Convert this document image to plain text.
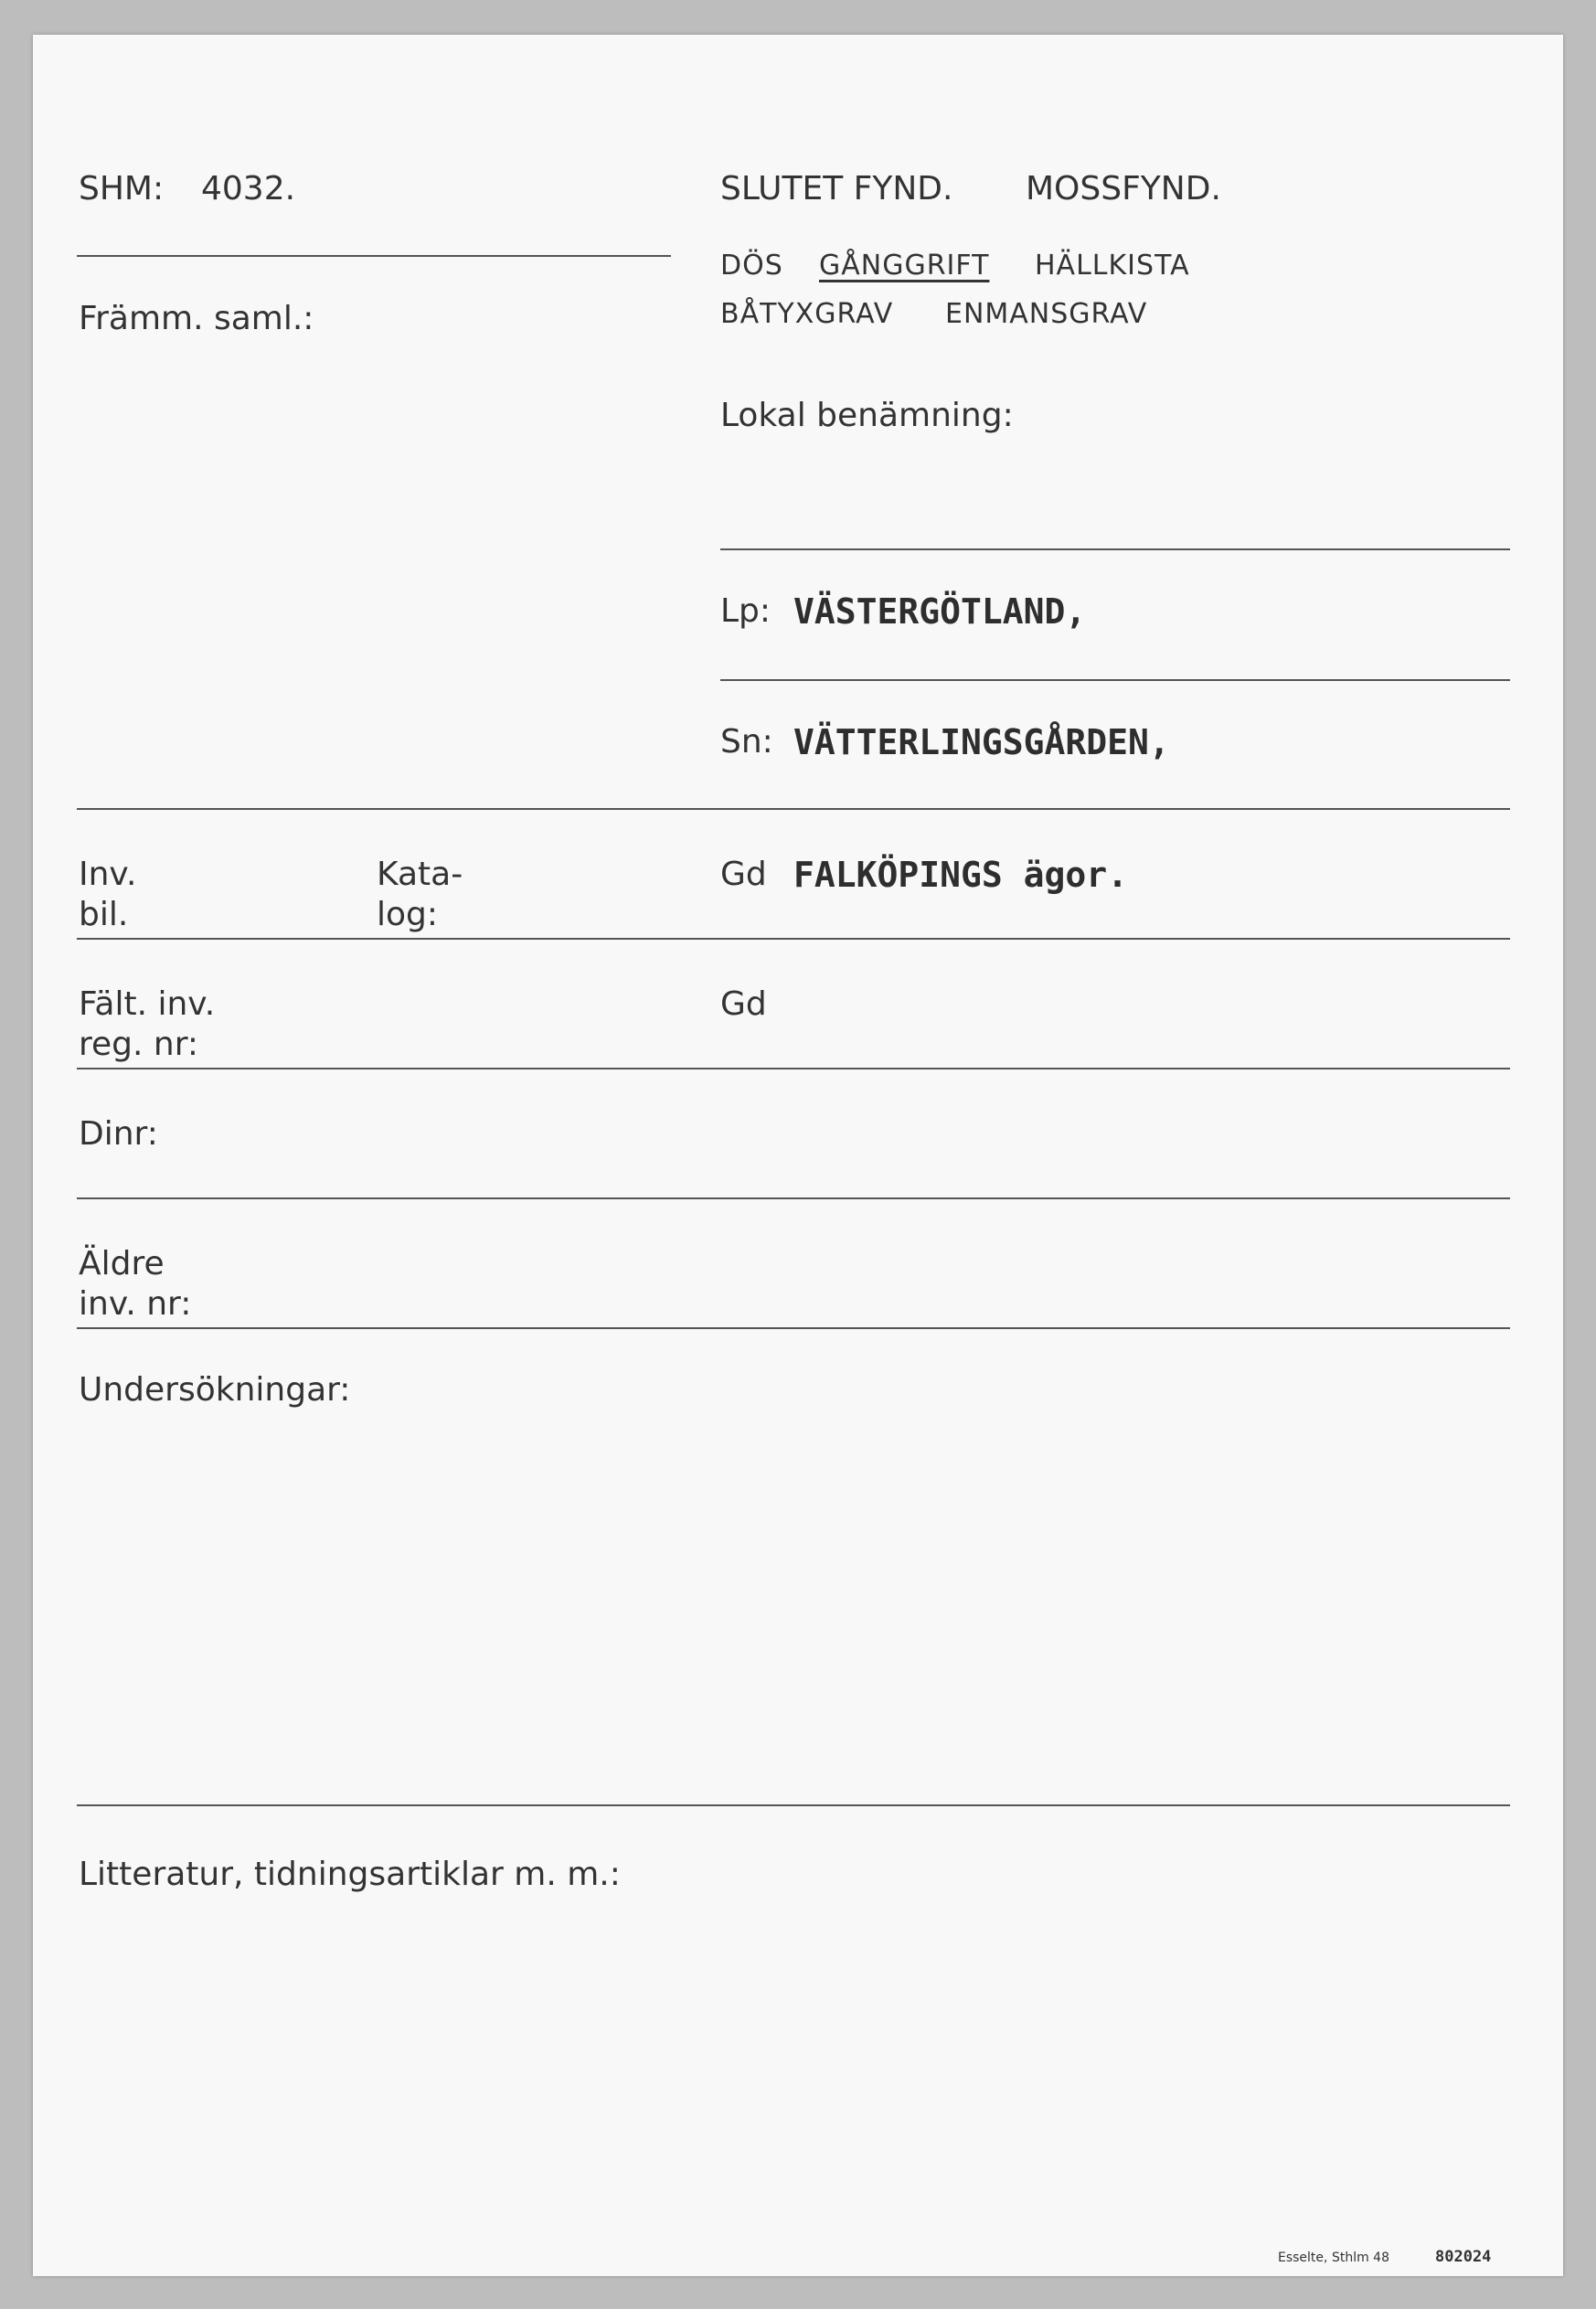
SHM: 4032.	SLUTET FYND. MOSSFYND.
DÖS GÅNGGRIFT HÄLLKISTA
BÅTYXGRAV ENMANSGRAV
Främm. saml.:
Lokal benämning:
Lp: VÄSTERGÖTLAND,
Sn: VÄTTERLINGSGÅRDEN,
Inv.
bil.
Kata-
log:
Gd FALKÖPINGS ägor.
Fält. inv.
reg. nr:
Gd
Dinr:
Äldre
inv. nr:
Undersökningar:
Litteratur, tidningsartiklar m. m.:
Esselte, Sthlm 48	802024
